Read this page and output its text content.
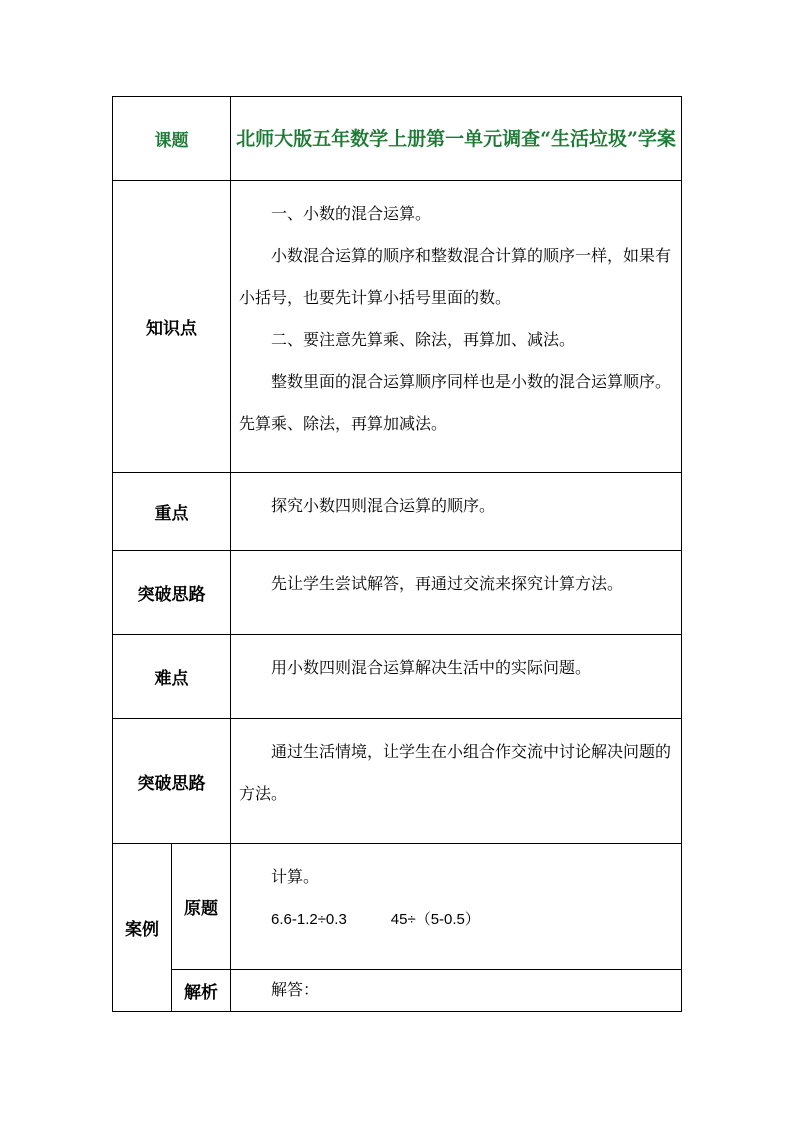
课题		北师大版五年数学上册第一单元调查“生活垃圾”学案
知识点		一、小数的混合运算。

小数混合运算的顺序和整数混合计算的顺序一样，如果有小括号，也要先计算小括号里面的数。

二、要注意先算乘、除法，再算加、减法。

整数里面的混合运算顺序同样也是小数的混合运算顺序。先算乘、除法，再算加减法。

重点		探究小数四则混合运算的顺序。

突破思路		先让学生尝试解答，再通过交流来探究计算方法。

难点		用小数四则混合运算解决生活中的实际问题。

突破思路		通过生活情境，让学生在小组合作交流中讨论解决问题的方法。

案例	原题	计算。

6.6-1.2÷0.3 45÷（5-0.5）

	解析	解答：
